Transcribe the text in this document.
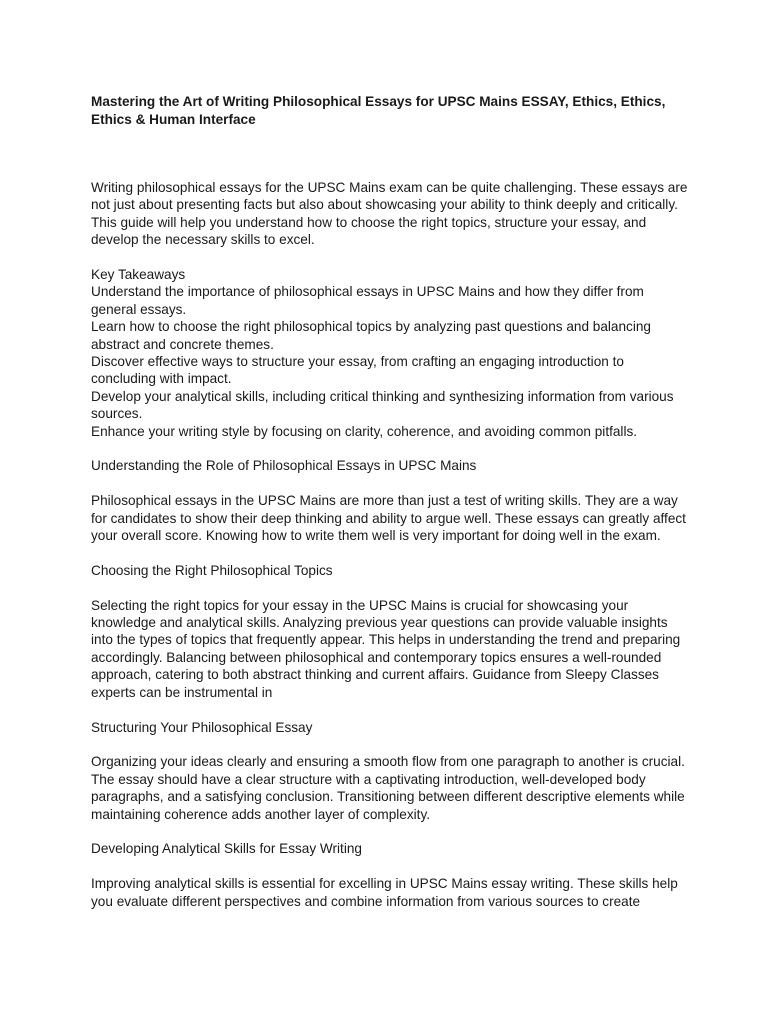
Mastering the Art of Writing Philosophical Essays for UPSC Mains ESSAY, Ethics, Ethics, Ethics & Human Interface

Writing philosophical essays for the UPSC Mains exam can be quite challenging. These essays are not just about presenting facts but also about showcasing your ability to think deeply and critically. This guide will help you understand how to choose the right topics, structure your essay, and develop the necessary skills to excel.

Key Takeaways
Understand the importance of philosophical essays in UPSC Mains and how they differ from general essays.
Learn how to choose the right philosophical topics by analyzing past questions and balancing abstract and concrete themes.
Discover effective ways to structure your essay, from crafting an engaging introduction to concluding with impact.
Develop your analytical skills, including critical thinking and synthesizing information from various sources.
Enhance your writing style by focusing on clarity, coherence, and avoiding common pitfalls.

Understanding the Role of Philosophical Essays in UPSC Mains

Philosophical essays in the UPSC Mains are more than just a test of writing skills. They are a way for candidates to show their deep thinking and ability to argue well. These essays can greatly affect your overall score. Knowing how to write them well is very important for doing well in the exam.

Choosing the Right Philosophical Topics

Selecting the right topics for your essay in the UPSC Mains is crucial for showcasing your knowledge and analytical skills. Analyzing previous year questions can provide valuable insights into the types of topics that frequently appear. This helps in understanding the trend and preparing accordingly. Balancing between philosophical and contemporary topics ensures a well-rounded approach, catering to both abstract thinking and current affairs. Guidance from Sleepy Classes experts can be instrumental in

Structuring Your Philosophical Essay

Organizing your ideas clearly and ensuring a smooth flow from one paragraph to another is crucial. The essay should have a clear structure with a captivating introduction, well-developed body paragraphs, and a satisfying conclusion. Transitioning between different descriptive elements while maintaining coherence adds another layer of complexity.

Developing Analytical Skills for Essay Writing

Improving analytical skills is essential for excelling in UPSC Mains essay writing. These skills help you evaluate different perspectives and combine information from various sources to create
